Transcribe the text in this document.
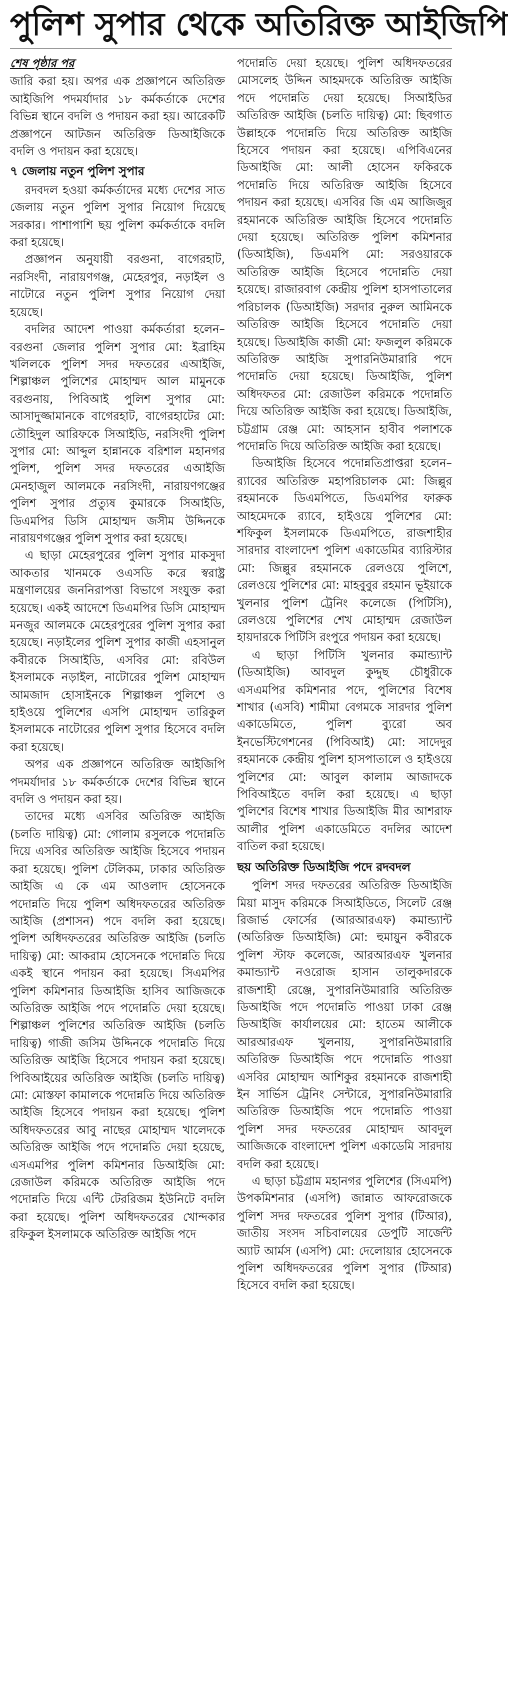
পুলিশ সুপার থেকে অতিরিক্ত আইজিপি
শেষ পৃষ্ঠার পর

জারি করা হয়। অপর এক প্রজ্ঞাপনে অতিরিক্ত আইজিপি পদমর্যাদার ১৮ কর্মকর্তাকে দেশের বিভিন্ন স্থানে বদলি ও পদায়ন করা হয়। আরেকটি প্রজ্ঞাপনে আটজন অতিরিক্ত ডিআইজিকে বদলি ও পদায়ন করা হয়েছে।

৭ জেলায় নতুন পুলিশ সুপার

রদবদল হওয়া কর্মকর্তাদের মধ্যে দেশের সাত জেলায় নতুন পুলিশ সুপার নিয়োগ দিয়েছে সরকার। পাশাপাশি ছয় পুলিশ কর্মকর্তাকে বদলি করা হয়েছে।

প্রজ্ঞাপন অনুযায়ী বরগুনা, বাগেরহাট, নরসিংদী, নারায়ণগঞ্জ, মেহেরপুর, নড়াইল ও নাটোরে নতুন পুলিশ সুপার নিয়োগ দেয়া হয়েছে।

বদলির আদেশ পাওয়া কর্মকর্তারা হলেন– বরগুনা জেলার পুলিশ সুপার মো: ইব্রাহিম খলিলকে পুলিশ সদর দফতরের এআইজি, শিল্পাঞ্চল পুলিশের মোহাম্মদ আল মামুনকে বরগুনায়, পিবিআই পুলিশ সুপার মো: আসাদুজ্জামানকে বাগেরহাট, বাগেরহাটের মো: তৌহিদুল আরিফকে সিআইডি, নরসিংদী পুলিশ সুপার মো: আব্দুল হান্নানকে বরিশাল মহানগর পুলিশ, পুলিশ সদর দফতরের এআইজি মেনহাজুল আলমকে নরসিংদী, নারায়ণগঞ্জের পুলিশ সুপার প্রত্যুষ কুমারকে সিআইডি, ডিএমপির ডিসি মোহাম্মদ জসীম উদ্দিনকে নারায়ণগঞ্জের পুলিশ সুপার করা হয়েছে।

এ ছাড়া মেহেরপুরের পুলিশ সুপার মাকসুদা আকতার খানমকে ওএসডি করে স্বরাষ্ট্র মন্ত্রণালয়ের জননিরাপত্তা বিভাগে সংযুক্ত করা হয়েছে। একই আদেশে ডিএমপির ডিসি মোহাম্মদ মনজুর আলমকে মেহেরপুরের পুলিশ সুপার করা হয়েছে। নড়াইলের পুলিশ সুপার কাজী এহসানুল কবীরকে সিআইডি, এসবির মো: রবিউল ইসলামকে নড়াইল, নাটোরের পুলিশ মোহাম্মদ আমজাদ হোসাইনকে শিল্পাঞ্চল পুলিশে ও হাইওয়ে পুলিশের এসপি মোহাম্মদ তারিকুল ইসলামকে নাটোরের পুলিশ সুপার হিসেবে বদলি করা হয়েছে।

অপর এক প্রজ্ঞাপনে অতিরিক্ত আইজিপি পদমর্যাদার ১৮ কর্মকর্তাকে দেশের বিভিন্ন স্থানে বদলি ও পদায়ন করা হয়।

তাদের মধ্যে এসবির অতিরিক্ত আইজি (চলতি দায়িত্ব) মো: গোলাম রসুলকে পদোন্নতি দিয়ে এসবির অতিরিক্ত আইজি হিসেবে পদায়ন করা হয়েছে। পুলিশ টেলিকম, ঢাকার অতিরিক্ত আইজি এ কে এম আওলাদ হোসেনকে পদোন্নতি দিয়ে পুলিশ অধিদফতরের অতিরিক্ত আইজি (প্রশাসন) পদে বদলি করা হয়েছে। পুলিশ অধিদফতরের অতিরিক্ত আইজি (চলতি দায়িত্ব) মো: আকরাম হোসেনকে পদোন্নতি দিয়ে একই স্থানে পদায়ন করা হয়েছে। সিএমপির পুলিশ কমিশনার ডিআইজি হাসিব আজিজকে অতিরিক্ত আইজি পদে পদোন্নতি দেয়া হয়েছে। শিল্পাঞ্চল পুলিশের অতিরিক্ত আইজি (চলতি দায়িত্ব) গাজী জসিম উদ্দিনকে পদোন্নতি দিয়ে অতিরিক্ত আইজি হিসেবে পদায়ন করা হয়েছে। পিবিআইয়ের অতিরিক্ত আইজি (চলতি দায়িত্ব) মো: মোস্তফা কামালকে পদোন্নতি দিয়ে অতিরিক্ত আইজি হিসেবে পদায়ন করা হয়েছে। পুলিশ অধিদফতরের আবু নাছের মোহাম্মদ খালেদকে অতিরিক্ত আইজি পদে পদোন্নতি দেয়া হয়েছে, এসএমপির পুলিশ কমিশনার ডিআইজি মো: রেজাউল করিমকে অতিরিক্ত আইজি পদে পদোন্নতি দিয়ে এন্টি টেররিজম ইউনিটে বদলি করা হয়েছে। পুলিশ অধিদফতরের খোন্দকার রফিকুল ইসলামকে অতিরিক্ত আইজি পদে

পদোন্নতি দেয়া হয়েছে। পুলিশ অধিদফতরের মোসলেহ উদ্দিন আহমদকে অতিরিক্ত আইজি পদে পদোন্নতি দেয়া হয়েছে। সিআইডির অতিরিক্ত আইজি (চলতি দায়িত্ব) মো: ছিবগাত উল্লাহকে পদোন্নতি দিয়ে অতিরিক্ত আইজি হিসেবে পদায়ন করা হয়েছে। এপিবিএনের ডিআইজি মো: আলী হোসেন ফকিরকে পদোন্নতি দিয়ে অতিরিক্ত আইজি হিসেবে পদায়ন করা হয়েছে। এসবির জি এম আজিজুর রহমানকে অতিরিক্ত আইজি হিসেবে পদোন্নতি দেয়া হয়েছে। অতিরিক্ত পুলিশ কমিশনার (ডিআইজি), ডিএমপি মো: সরওয়ারকে অতিরিক্ত আইজি হিসেবে পদোন্নতি দেয়া হয়েছে। রাজারবাগ কেন্দ্রীয় পুলিশ হাসপাতালের পরিচালক (ডিআইজি) সরদার নুরুল আমিনকে অতিরিক্ত আইজি হিসেবে পদোন্নতি দেয়া হয়েছে। ডিআইজি কাজী মো: ফজলুল করিমকে অতিরিক্ত আইজি সুপারনিউমারারি পদে পদোন্নতি দেয়া হয়েছে। ডিআইজি, পুলিশ অধিদফতর মো: রেজাউল করিমকে পদোন্নতি দিয়ে অতিরিক্ত আইজি করা হয়েছে। ডিআইজি, চট্টগ্রাম রেঞ্জ মো: আহসান হাবীব পলাশকে পদোন্নতি দিয়ে অতিরিক্ত আইজি করা হয়েছে।

ডিআইজি হিসেবে পদোন্নতিপ্রাপ্তরা হলেন– র‍্যাবের অতিরিক্ত মহাপরিচালক মো: জিল্লুর রহমানকে ডিএমপিতে, ডিএমপির ফারুক আহমেদকে র‍্যাবে, হাইওয়ে পুলিশের মো: শফিকুল ইসলামকে ডিএমপিতে, রাজশাহীর সারদার বাংলাদেশ পুলিশ একাডেমির ব্যারিস্টার মো: জিল্লুর রহমানকে রেলওয়ে পুলিশে, রেলওয়ে পুলিশের মো: মাহবুবুর রহমান ভূইয়াকে খুলনার পুলিশ ট্রেনিং কলেজে (পিটিসি), রেলওয়ে পুলিশের শেখ মোহাম্মদ রেজাউল হায়দারকে পিটিসি রংপুরে পদায়ন করা হয়েছে।

এ ছাড়া পিটিসি খুলনার কমান্ড্যান্ট (ডিআইজি) আবদুল কুদ্দুছ চৌধুরীকে এসএমপির কমিশনার পদে, পুলিশের বিশেষ শাখার (এসবি) শামীমা বেগমকে সারদার পুলিশ একাডেমিতে, পুলিশ ব্যুরো অব ইনভেস্টিগেশনের (পিবিআই) মো: সাদেদুর রহমানকে কেন্দ্রীয় পুলিশ হাসপাতালে ও হাইওয়ে পুলিশের মো: আবুল কালাম আজাদকে পিবিআইতে বদলি করা হয়েছে। এ ছাড়া পুলিশের বিশেষ শাখার ডিআইজি মীর আশরাফ আলীর পুলিশ একাডেমিতে বদলির আদেশ বাতিল করা হয়েছে।

ছয় অতিরিক্ত ডিআইজি পদে রদবদল

পুলিশ সদর দফতরের অতিরিক্ত ডিআইজি মিয়া মাসুদ করিমকে সিআইডিতে, সিলেট রেঞ্জ রিজার্ভ ফোর্সের (আরআরএফ) কমান্ড্যান্ট (অতিরিক্ত ডিআইজি) মো: হুমায়ুন কবীরকে পুলিশ স্টাফ কলেজে, আরআরএফ খুলনার কমান্ড্যান্ট নওরোজ হাসান তালুকদারকে রাজশাহী রেঞ্জে, সুপারনিউমারারি অতিরিক্ত ডিআইজি পদে পদোন্নতি পাওয়া ঢাকা রেঞ্জ ডিআইজি কার্যালয়ের মো: হাতেম আলীকে আরআরএফ খুলনায়, সুপারনিউমারারি অতিরিক্ত ডিআইজি পদে পদোন্নতি পাওয়া এসবির মোহাম্মদ আশিকুর রহমানকে রাজশাহী ইন সার্ভিস ট্রেনিং সেন্টারে, সুপারনিউমারারি অতিরিক্ত ডিআইজি পদে পদোন্নতি পাওয়া পুলিশ সদর দফতরের মোহাম্মদ আবদুল আজিজকে বাংলাদেশ পুলিশ একাডেমি সারদায় বদলি করা হয়েছে।

এ ছাড়া চট্টগ্রাম মহানগর পুলিশের (সিএমপি) উপকমিশনার (এসপি) জান্নাত আফরোজকে পুলিশ সদর দফতরের পুলিশ সুপার (টিআর), জাতীয় সংসদ সচিবালয়ের ডেপুটি সার্জেন্ট অ্যাট আর্মস (এসপি) মো: দেলোয়ার হোসেনকে পুলিশ অধিদফতরের পুলিশ সুপার (টিআর) হিসেবে বদলি করা হয়েছে।
